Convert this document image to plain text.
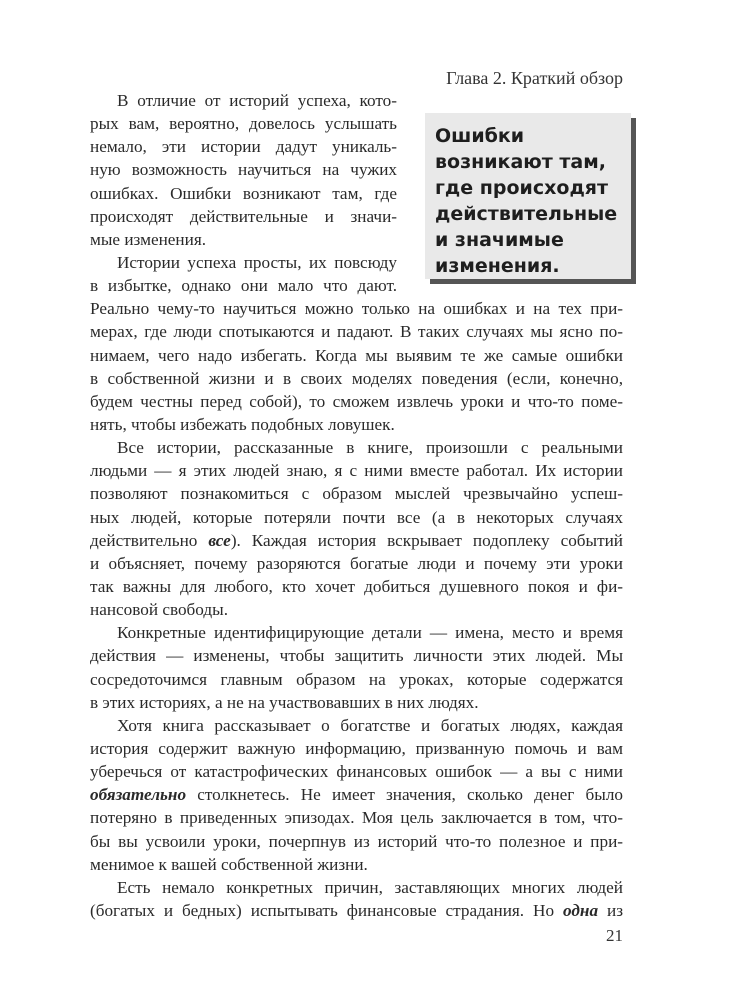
Глава 2. Краткий обзор
В отличие от историй успеха, кото-
рых вам, вероятно, довелось услышать
немало, эти истории дадут уникаль-
ную возможность научиться на чужих
ошибках. Ошибки возникают там, где
происходят действительные и значи-
мые изменения.
Истории успеха просты, их повсюду
в избытке, однако они мало что дают.
Реально чему-то научиться можно только на ошибках и на тех при-
мерах, где люди спотыкаются и падают. В таких случаях мы ясно по-
нимаем, чего надо избегать. Когда мы выявим те же самые ошибки
в собственной жизни и в своих моделях поведения (если, конечно,
будем честны перед собой), то сможем извлечь уроки и что-то поме-
нять, чтобы избежать подобных ловушек.
Все истории, рассказанные в книге, произошли с реальными
людьми — я этих людей знаю, я с ними вместе работал. Их истории
позволяют познакомиться с образом мыслей чрезвычайно успеш-
ных людей, которые потеряли почти все (а в некоторых случаях
действительно все). Каждая история вскрывает подоплеку событий
и объясняет, почему разоряются богатые люди и почему эти уроки
так важны для любого, кто хочет добиться душевного покоя и фи-
нансовой свободы.
Конкретные идентифицирующие детали — имена, место и время
действия — изменены, чтобы защитить личности этих людей. Мы
сосредоточимся главным образом на уроках, которые содержатся
в этих историях, а не на участвовавших в них людях.
Хотя книга рассказывает о богатстве и богатых людях, каждая
история содержит важную информацию, призванную помочь и вам
уберечься от катастрофических финансовых ошибок — а вы с ними
обязательно столкнетесь. Не имеет значения, сколько денег было
потеряно в приведенных эпизодах. Моя цель заключается в том, что-
бы вы усвоили уроки, почерпнув из историй что-то полезное и при-
менимое к вашей собственной жизни.
Есть немало конкретных причин, заставляющих многих людей
(богатых и бедных) испытывать финансовые страдания. Но одна из
Ошибки
возникают там,
где происходят
действительные
и значимые
изменения.
21
